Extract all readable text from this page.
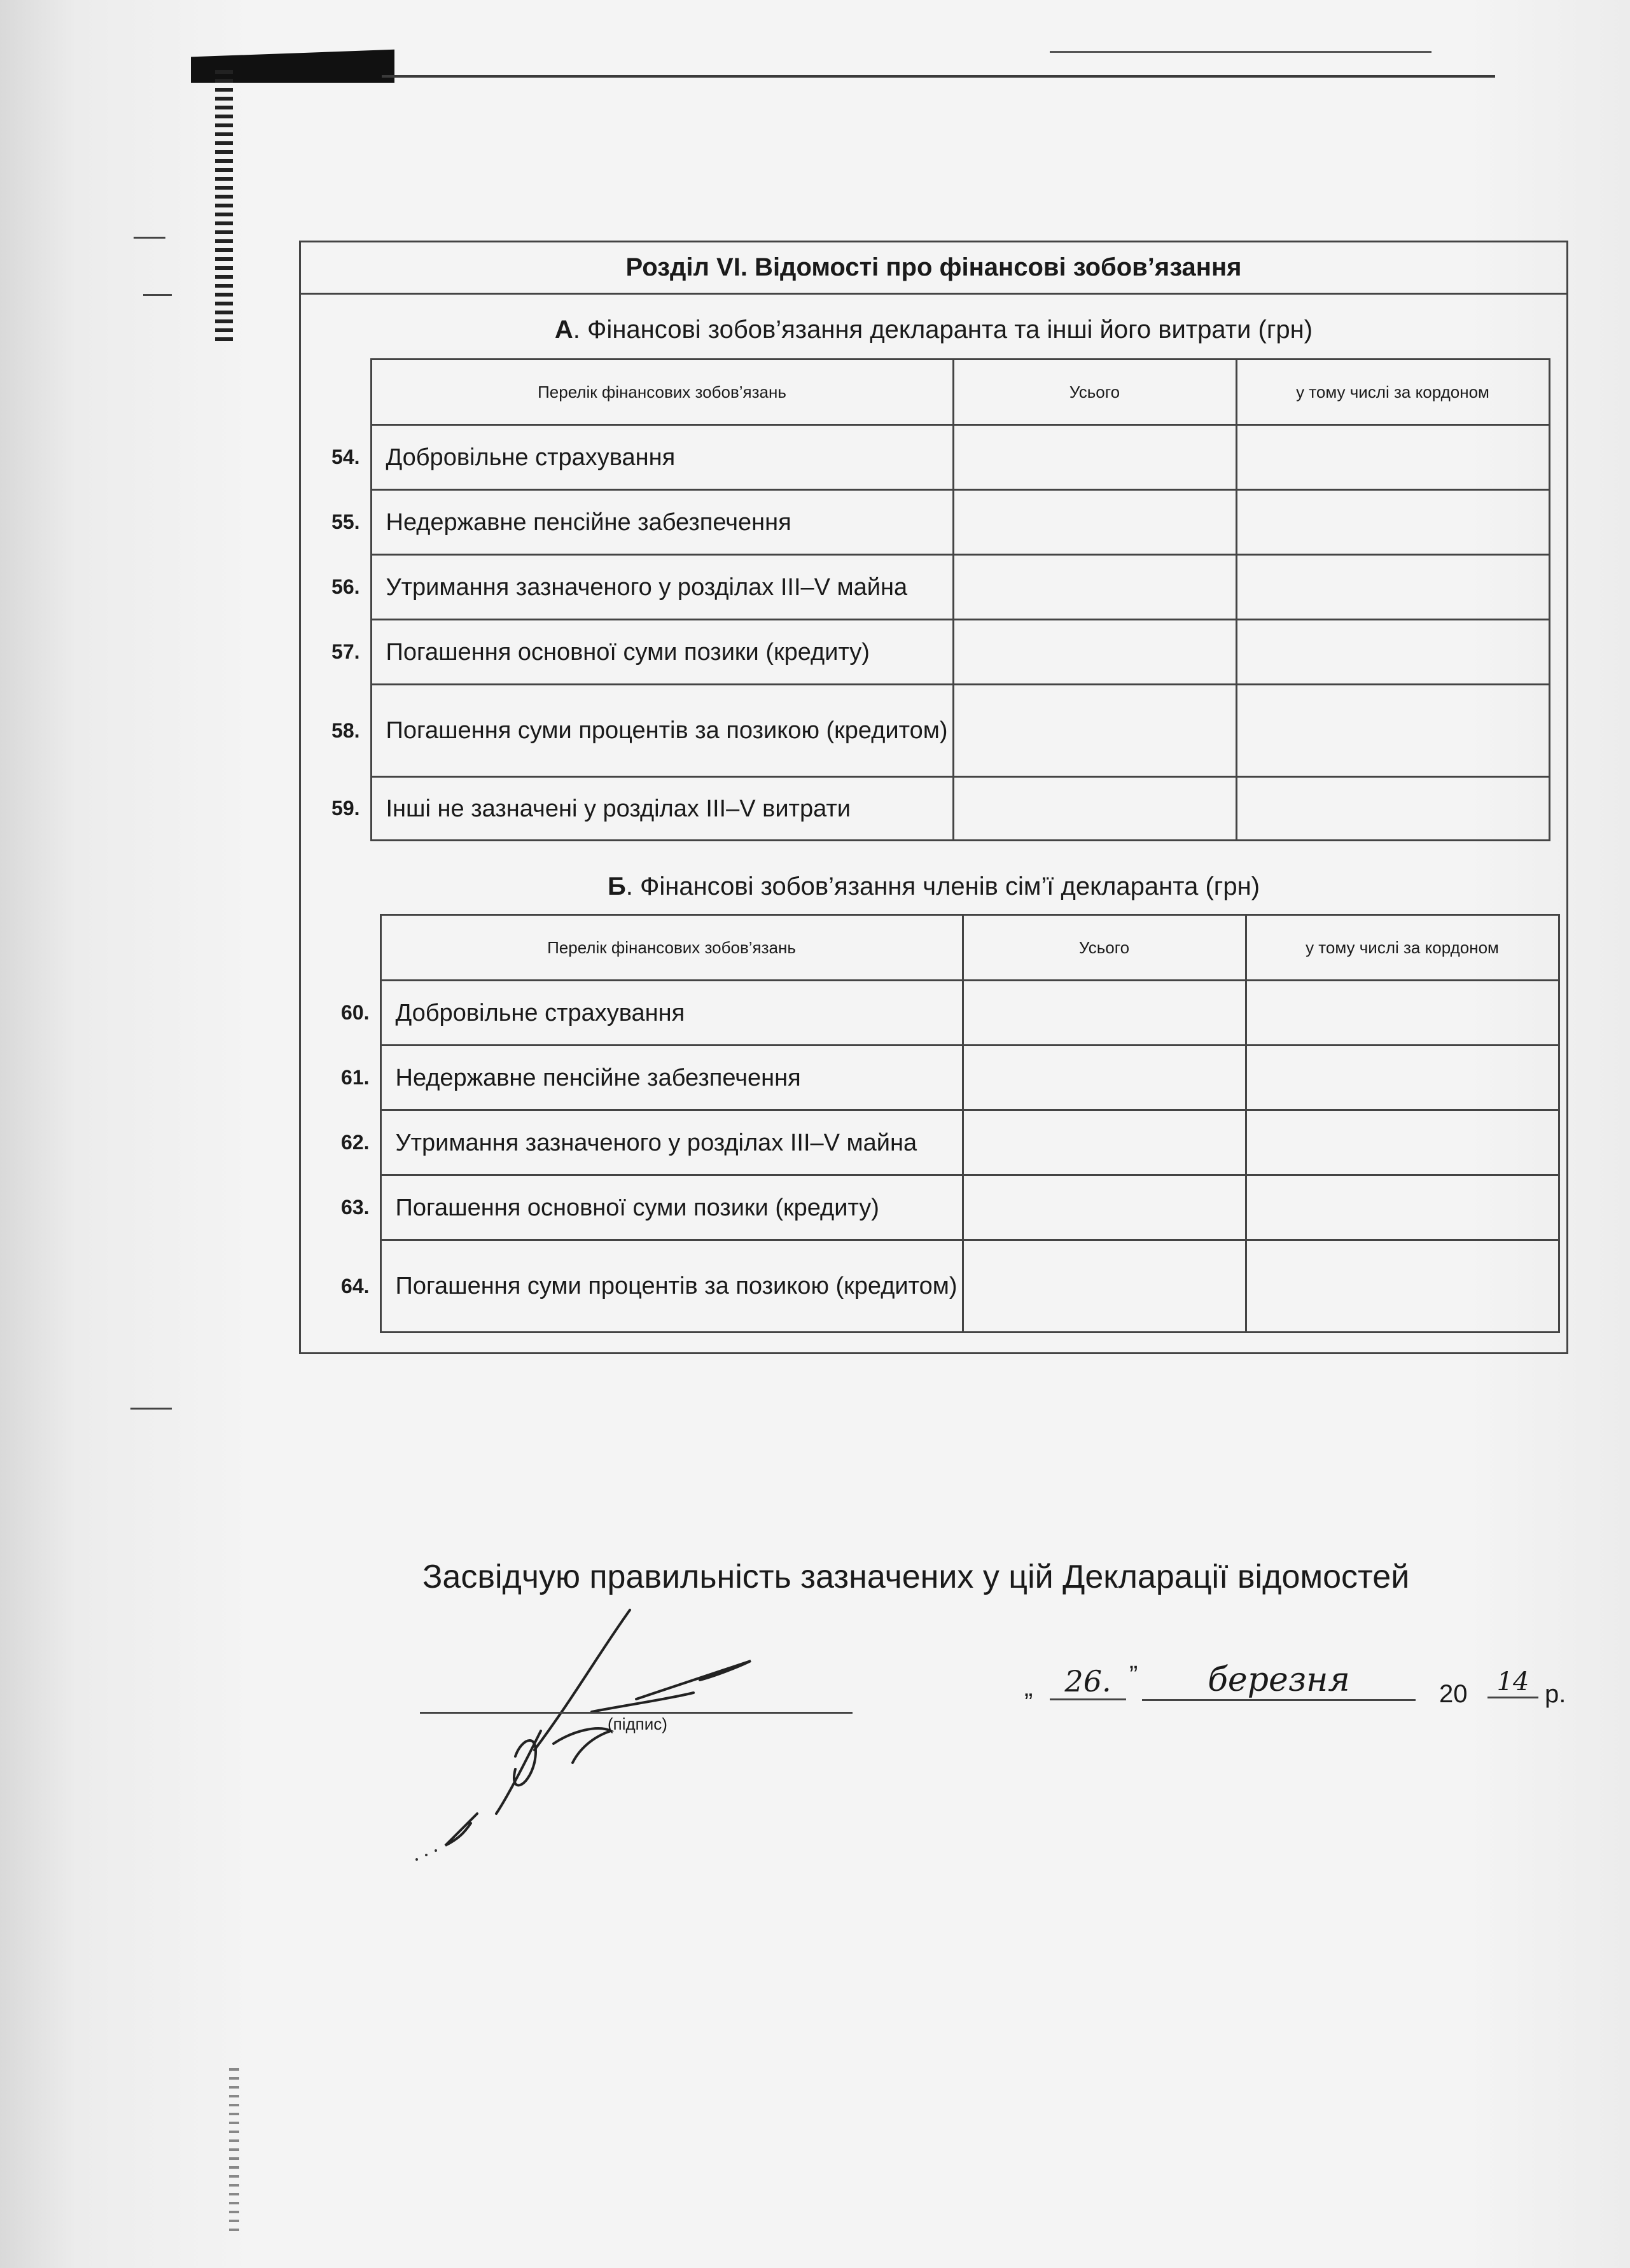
Розділ VI. Відомості про фінансові зобов’язання
А. Фінансові зобов’язання декларанта та інші його витрати (грн)
	Перелік фінансових зобов’язань	Усього	у тому числі за кордоном
54.	Добровільне страхування		
55.	Недержавне пенсійне забезпечення		
56.	Утримання зазначеного у розділах III–V майна		
57.	Погашення основної суми позики (кредиту)		
58.	Погашення суми процентів за позикою (кредитом)		
59.	Інші не зазначені у розділах III–V витрати		
Б. Фінансові зобов’язання членів сім’ї декларанта (грн)
	Перелік фінансових зобов’язань	Усього	у тому числі за кордоном
60.	Добровільне страхування		
61.	Недержавне пенсійне забезпечення		
62.	Утримання зазначеного у розділах III–V майна		
63.	Погашення основної суми позики (кредиту)		
64.	Погашення суми процентів за позикою (кредитом)		
Засвідчую правильність зазначених у цій Декларації відомостей
(підпис)
„	26. ”	березня	20	14 р.
